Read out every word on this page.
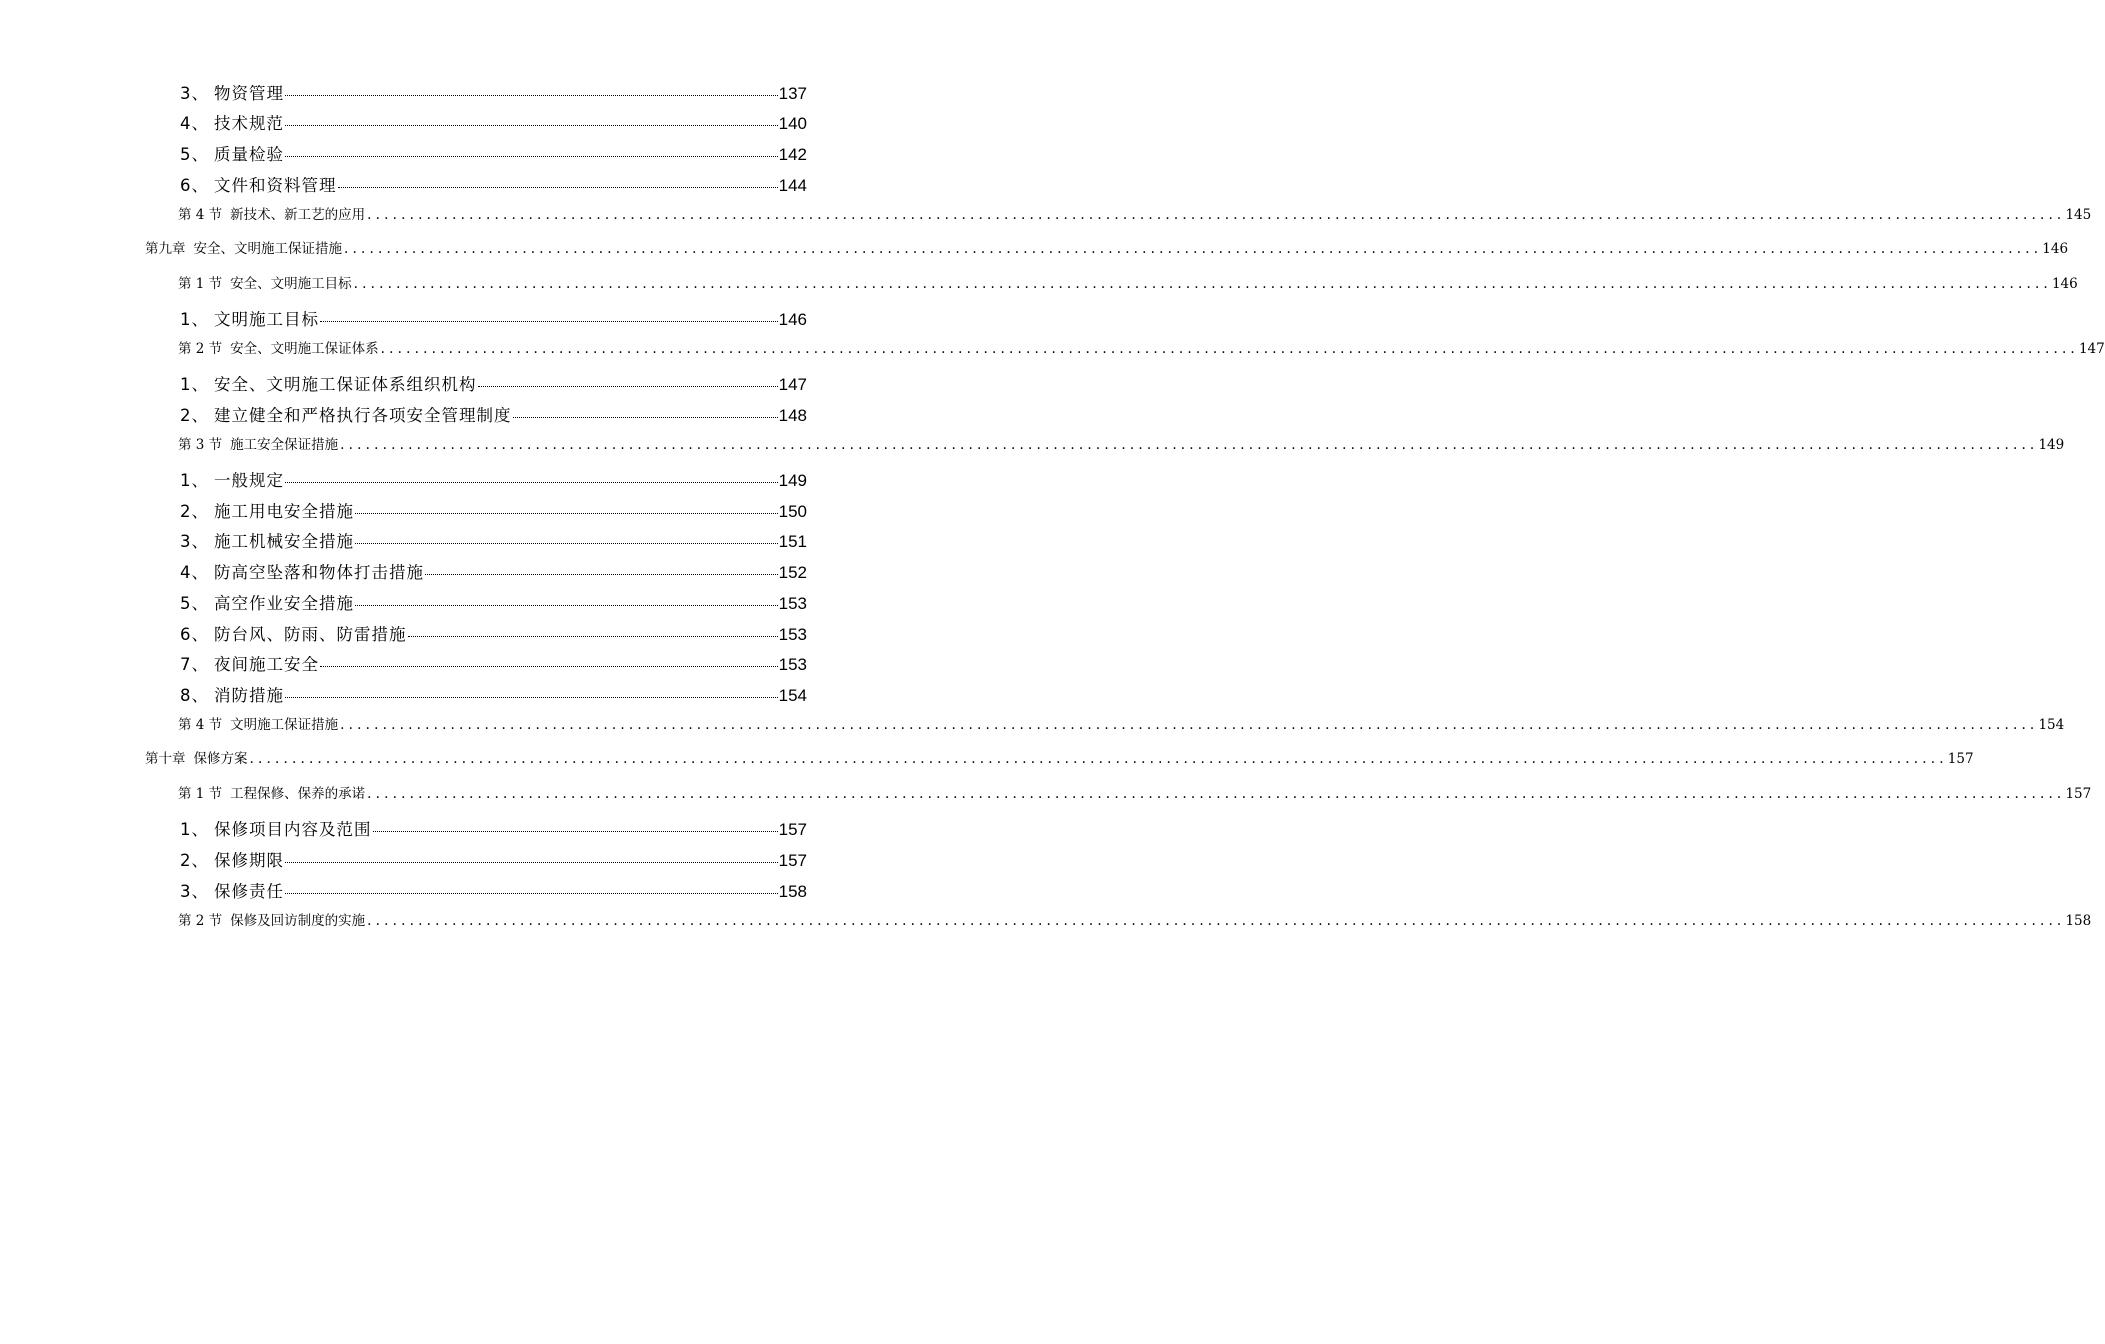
3、 物资管理	137
4、 技术规范	140
5、 质量检验	142
6、 文件和资料管理	144
第 4 节 新技术、新工艺的应用 ........................................................................................................................................................................................................ 145
第九章 安全、文明施工保证措施 ........................................................................................................................................................................................................ 146
第 1 节 安全、文明施工目标 ........................................................................................................................................................................................................ 146
1、 文明施工目标	146
第 2 节 安全、文明施工保证体系 ........................................................................................................................................................................................................ 147
1、 安全、文明施工保证体系组织机构	147
2、 建立健全和严格执行各项安全管理制度	148
第 3 节 施工安全保证措施 ........................................................................................................................................................................................................ 149
1、 一般规定	149
2、 施工用电安全措施	150
3、 施工机械安全措施	151
4、 防高空坠落和物体打击措施	152
5、 高空作业安全措施	153
6、 防台风、防雨、防雷措施	153
7、 夜间施工安全	153
8、 消防措施	154
第 4 节 文明施工保证措施 ........................................................................................................................................................................................................ 154
第十章 保修方案 ........................................................................................................................................................................................................ 157
第 1 节 工程保修、保养的承诺 ........................................................................................................................................................................................................ 157
1、 保修项目内容及范围	157
2、 保修期限	157
3、 保修责任	158
第 2 节 保修及回访制度的实施 ........................................................................................................................................................................................................ 158
